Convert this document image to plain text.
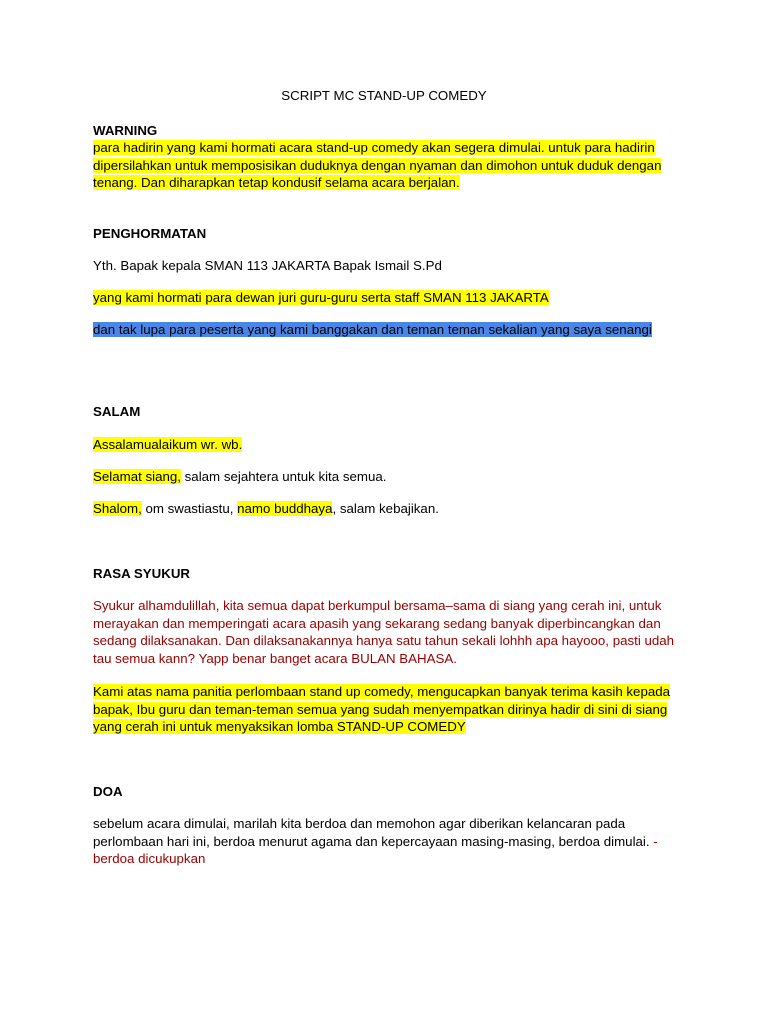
SCRIPT MC STAND-UP COMEDY
WARNING
para hadirin yang kami hormati acara stand-up comedy akan segera dimulai. untuk para hadirin dipersilahkan untuk memposisikan duduknya dengan nyaman dan dimohon untuk duduk dengan tenang. Dan diharapkan tetap kondusif selama acara berjalan.
PENGHORMATAN
Yth. Bapak kepala SMAN 113 JAKARTA Bapak Ismail S.Pd
yang kami hormati para dewan juri guru-guru serta staff SMAN 113 JAKARTA
dan tak lupa para peserta yang kami banggakan dan teman teman sekalian yang saya senangi
SALAM
Assalamualaikum wr. wb.
Selamat siang, salam sejahtera untuk kita semua.
Shalom, om swastiastu, namo buddhaya, salam kebajikan.
RASA SYUKUR
Syukur alhamdulillah, kita semua dapat berkumpul bersama–sama di siang yang cerah ini, untuk merayakan dan memperingati acara apasih yang sekarang sedang banyak diperbincangkan dan sedang dilaksanakan. Dan dilaksanakannya hanya satu tahun sekali lohhh apa hayooo, pasti udah tau semua kann? Yapp benar banget acara BULAN BAHASA.
Kami atas nama panitia perlombaan stand up comedy, mengucapkan banyak terima kasih kepada bapak, Ibu guru dan teman-teman semua yang sudah menyempatkan dirinya hadir di sini di siang yang cerah ini untuk menyaksikan lomba STAND-UP COMEDY
DOA
sebelum acara dimulai, marilah kita berdoa dan memohon agar diberikan kelancaran pada perlombaan hari ini, berdoa menurut agama dan kepercayaan masing-masing, berdoa dimulai. -berdoa dicukupkan
